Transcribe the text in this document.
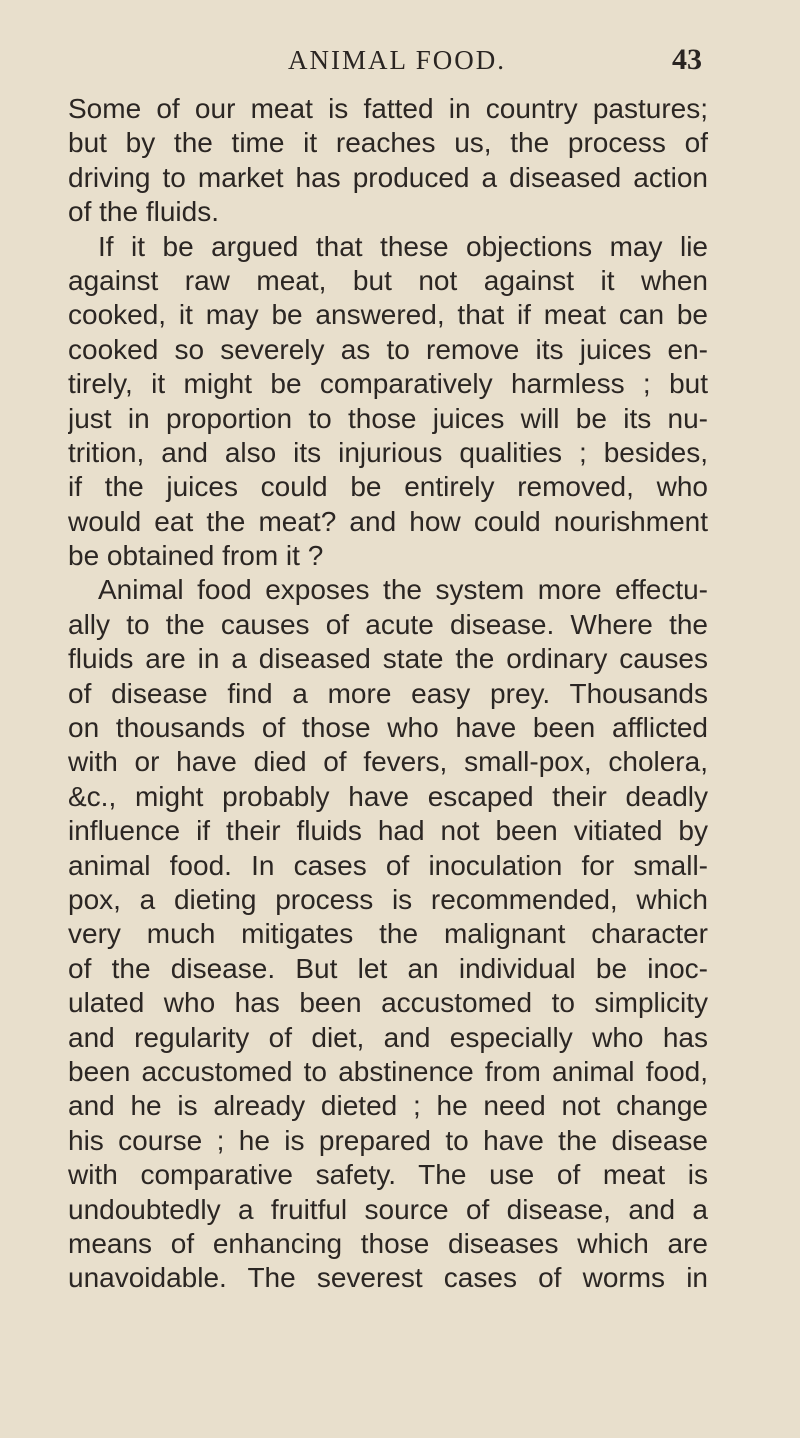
ANIMAL FOOD.	43
Some of our meat is fatted in country pastures;
but by the time it reaches us, the process of
driving to market has produced a diseased action
of the fluids.
If it be argued that these objections may lie
against raw meat, but not against it when
cooked, it may be answered, that if meat can be
cooked so severely as to remove its juices en-
tirely, it might be comparatively harmless ; but
just in proportion to those juices will be its nu-
trition, and also its injurious qualities ; besides,
if the juices could be entirely removed, who
would eat the meat? and how could nourishment
be obtained from it ?
Animal food exposes the system more effectu-
ally to the causes of acute disease. Where the
fluids are in a diseased state the ordinary causes
of disease find a more easy prey. Thousands
on thousands of those who have been afflicted
with or have died of fevers, small-pox, cholera,
&c., might probably have escaped their deadly
influence if their fluids had not been vitiated by
animal food. In cases of inoculation for small-
pox, a dieting process is recommended, which
very much mitigates the malignant character
of the disease. But let an individual be inoc-
ulated who has been accustomed to simplicity
and regularity of diet, and especially who has
been accustomed to abstinence from animal food,
and he is already dieted ; he need not change
his course ; he is prepared to have the disease
with comparative safety. The use of meat is
undoubtedly a fruitful source of disease, and a
means of enhancing those diseases which are
unavoidable. The severest cases of worms in
